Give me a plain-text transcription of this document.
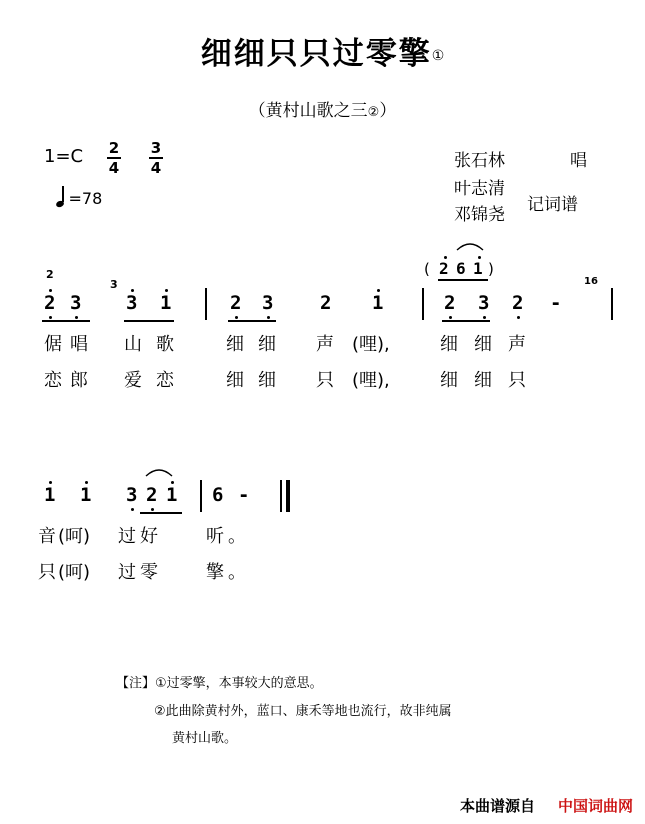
细细只只过零擎①
（黄村山歌之三②）
1=C	2
4
3
4
=78
张石林	唱
叶志清
邓锦尧 记词谱
2
3	16
( 2 6 1 )
2 3 3 1	2 3 2 1	2 3 2 -
倨 唱 山 歌	细 细 声 (哩),	细 细 声
恋 郎 爱 恋	细 细 只 (哩),	细 细 只
1 1 3 2 1 6 -
音 (呵) 过 好	听 。
只 (呵) 过 零	擎 。
【注】①过零擎，本事较大的意思。
②此曲除黄村外，蓝口、康禾等地也流行，故非纯属
黄村山歌。
本曲谱源自 中国词曲网
